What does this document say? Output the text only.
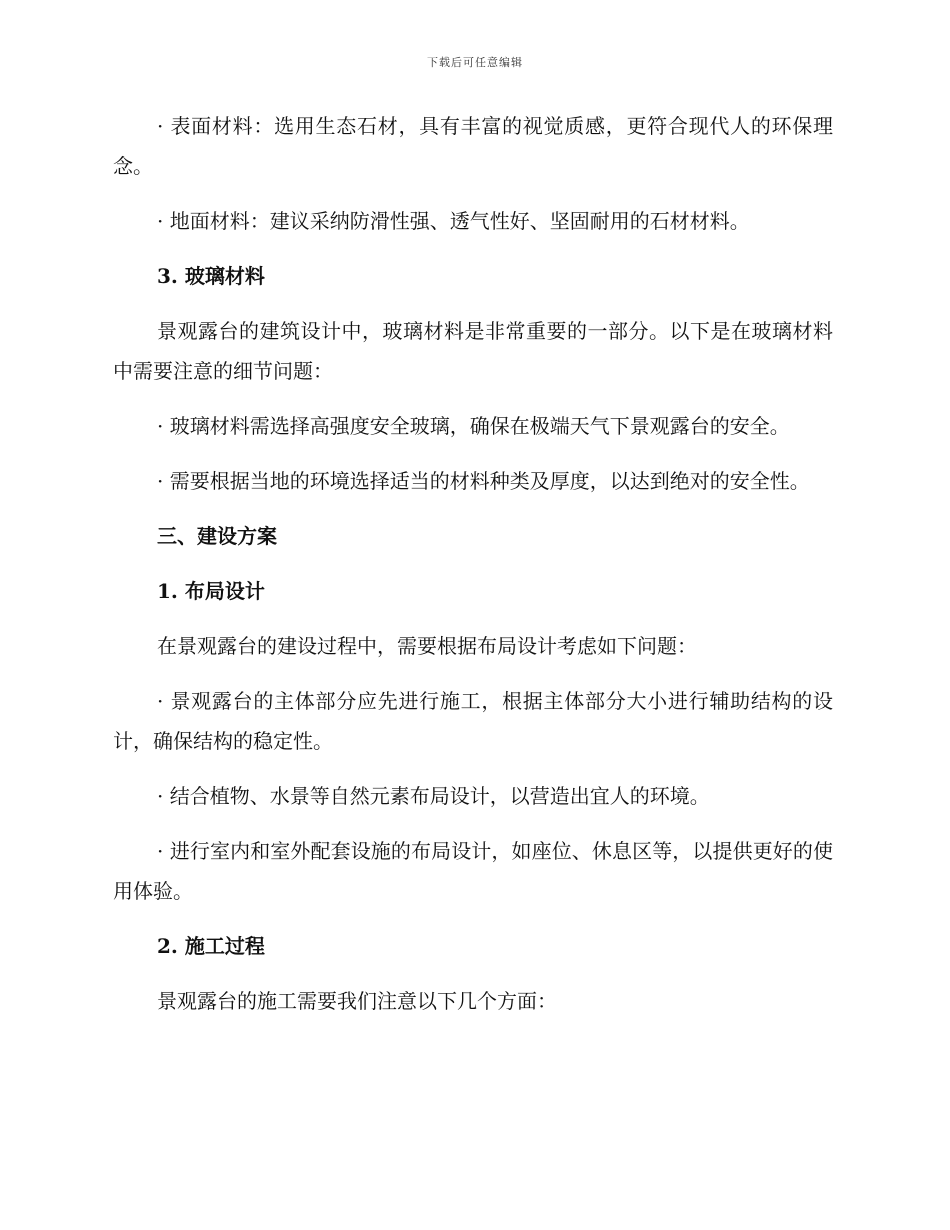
下载后可任意编辑

· 表面材料：选用生态石材，具有丰富的视觉质感，更符合现代人的环保理念。

· 地面材料：建议采纳防滑性强、透气性好、坚固耐用的石材材料。

3. 玻璃材料

景观露台的建筑设计中，玻璃材料是非常重要的一部分。以下是在玻璃材料中需要注意的细节问题：

· 玻璃材料需选择高强度安全玻璃，确保在极端天气下景观露台的安全。

· 需要根据当地的环境选择适当的材料种类及厚度，以达到绝对的安全性。

三、建设方案
1. 布局设计

在景观露台的建设过程中，需要根据布局设计考虑如下问题：

· 景观露台的主体部分应先进行施工，根据主体部分大小进行辅助结构的设计，确保结构的稳定性。

· 结合植物、水景等自然元素布局设计，以营造出宜人的环境。

· 进行室内和室外配套设施的布局设计，如座位、休息区等，以提供更好的使用体验。

2. 施工过程

景观露台的施工需要我们注意以下几个方面：
